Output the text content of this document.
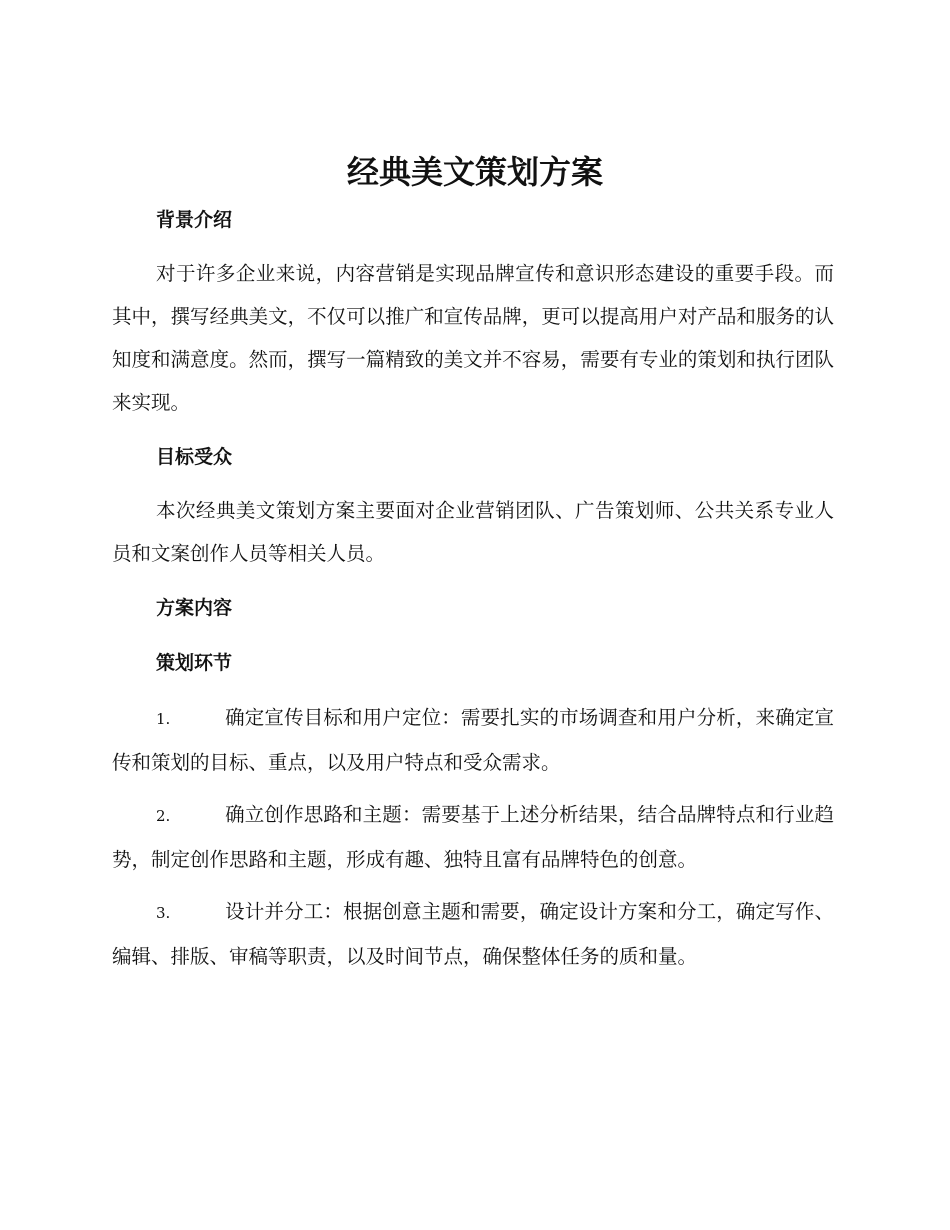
经典美文策划方案
背景介绍

对于许多企业来说，内容营销是实现品牌宣传和意识形态建设的重要手段。而其中，撰写经典美文，不仅可以推广和宣传品牌，更可以提高用户对产品和服务的认知度和满意度。然而，撰写一篇精致的美文并不容易，需要有专业的策划和执行团队来实现。

目标受众

本次经典美文策划方案主要面对企业营销团队、广告策划师、公共关系专业人员和文案创作人员等相关人员。

方案内容
策划环节

1.	确定宣传目标和用户定位：需要扎实的市场调查和用户分析，来确定宣传和策划的目标、重点，以及用户特点和受众需求。

2.	确立创作思路和主题：需要基于上述分析结果，结合品牌特点和行业趋势，制定创作思路和主题，形成有趣、独特且富有品牌特色的创意。

3.	设计并分工：根据创意主题和需要，确定设计方案和分工，确定写作、编辑、排版、审稿等职责，以及时间节点，确保整体任务的质和量。
